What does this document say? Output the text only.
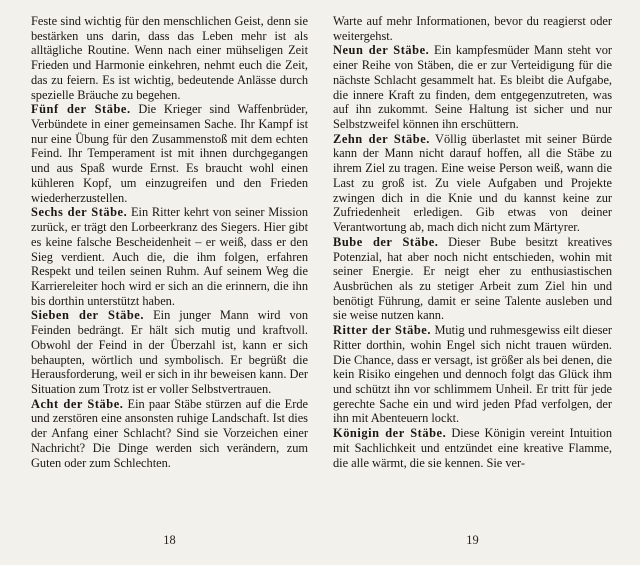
Feste sind wichtig für den menschlichen Geist, denn sie bestärken uns darin, dass das Leben mehr ist als alltägliche Routine. Wenn nach einer mühseligen Zeit Frieden und Harmonie einkehren, nehmt euch die Zeit, das zu feiern. Es ist wichtig, bedeutende Anlässe durch spezielle Bräuche zu begehen.

Fünf der Stäbe. Die Krieger sind Waffenbrüder, Verbündete in einer gemeinsamen Sache. Ihr Kampf ist nur eine Übung für den Zusammenstoß mit dem echten Feind. Ihr Temperament ist mit ihnen durchgegangen und aus Spaß wurde Ernst. Es braucht wohl einen kühleren Kopf, um einzugreifen und den Frieden wiederherzustellen.

Sechs der Stäbe. Ein Ritter kehrt von seiner Mission zurück, er trägt den Lorbeerkranz des Siegers. Hier gibt es keine falsche Bescheidenheit – er weiß, dass er den Sieg verdient. Auch die, die ihm folgen, erfahren Respekt und teilen seinen Ruhm. Auf seinem Weg die Karriereleiter hoch wird er sich an die erinnern, die ihn bis dorthin unterstützt haben.

Sieben der Stäbe. Ein junger Mann wird von Feinden bedrängt. Er hält sich mutig und kraftvoll. Obwohl der Feind in der Überzahl ist, kann er sich behaupten, wörtlich und symbolisch. Er begrüßt die Herausforderung, weil er sich in ihr beweisen kann. Der Situation zum Trotz ist er voller Selbstvertrauen.

Acht der Stäbe. Ein paar Stäbe stürzen auf die Erde und zerstören eine ansonsten ruhige Landschaft. Ist dies der Anfang einer Schlacht? Sind sie Vorzeichen einer Nachricht? Die Dinge werden sich verändern, zum Guten oder zum Schlechten.

18

Warte auf mehr Informationen, bevor du reagierst oder weitergehst.

Neun der Stäbe. Ein kampfesmüder Mann steht vor einer Reihe von Stäben, die er zur Verteidigung für die nächste Schlacht gesammelt hat. Es bleibt die Aufgabe, die innere Kraft zu finden, dem entgegenzutreten, was auf ihn zukommt. Seine Haltung ist sicher und nur Selbstzweifel können ihn erschüttern.

Zehn der Stäbe. Völlig überlastet mit seiner Bürde kann der Mann nicht darauf hoffen, all die Stäbe zu ihrem Ziel zu tragen. Eine weise Person weiß, wann die Last zu groß ist. Zu viele Aufgaben und Projekte zwingen dich in die Knie und du kannst keine zur Zufriedenheit erledigen. Gib etwas von deiner Verantwortung ab, mach dich nicht zum Märtyrer.

Bube der Stäbe. Dieser Bube besitzt kreatives Potenzial, hat aber noch nicht entschieden, wohin mit seiner Energie. Er neigt eher zu enthusiastischen Ausbrüchen als zu stetiger Arbeit zum Ziel hin und benötigt Führung, damit er seine Talente ausleben und sie weise nutzen kann.

Ritter der Stäbe. Mutig und ruhmesgewiss eilt dieser Ritter dorthin, wohin Engel sich nicht trauen würden. Die Chance, dass er versagt, ist größer als bei denen, die kein Risiko eingehen und dennoch folgt das Glück ihm und schützt ihn vor schlimmem Unheil. Er tritt für jede gerechte Sache ein und wird jeden Pfad verfolgen, der ihn mit Abenteuern lockt.

Königin der Stäbe. Diese Königin vereint Intuition mit Sachlichkeit und entzündet eine kreative Flamme, die alle wärmt, die sie kennen. Sie ver-

19
